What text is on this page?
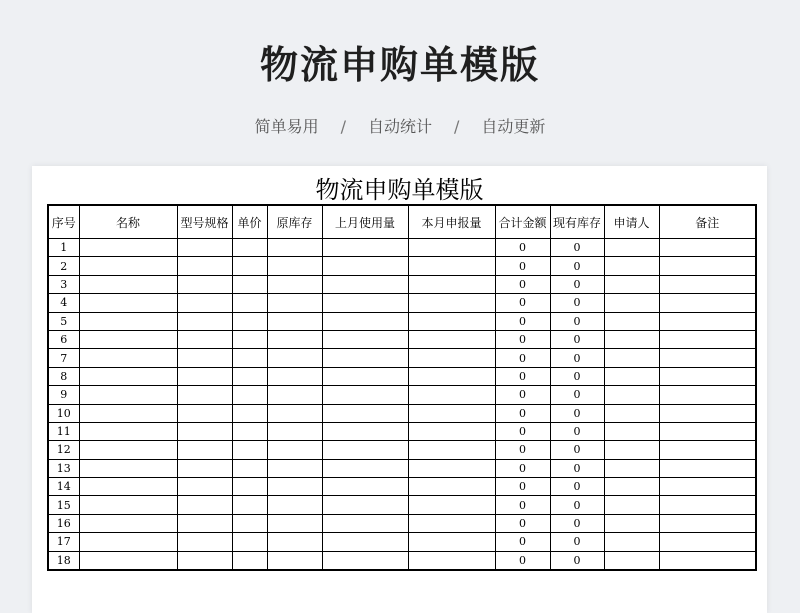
物流申购单模版
简单易用 / 自动统计 / 自动更新
物流申购单模版
序号	名称	型号规格	单价	原库存	上月使用量	本月申报量	合计金额	现有库存	申请人	备注
1							0	0		
2							0	0		
3							0	0		
4							0	0		
5							0	0		
6							0	0		
7							0	0		
8							0	0		
9							0	0		
10							0	0		
11							0	0		
12							0	0		
13							0	0		
14							0	0		
15							0	0		
16							0	0		
17							0	0		
18							0	0		
